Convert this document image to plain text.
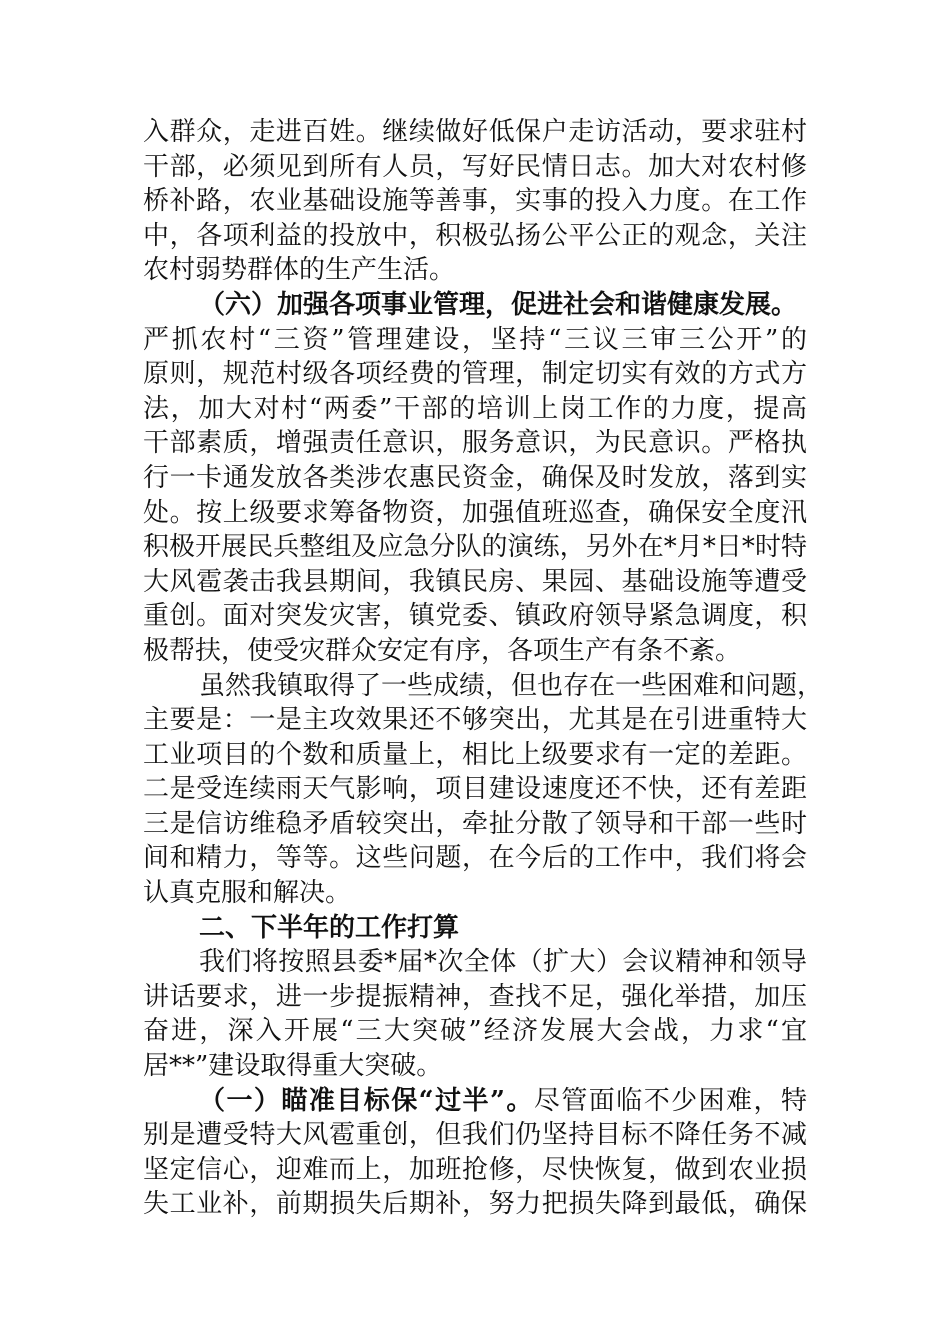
入群众，走进百姓。继续做好低保户走访活动，要求驻村
干部，必须见到所有人员，写好民情日志。加大对农村修
桥补路，农业基础设施等善事，实事的投入力度。在工作
中，各项利益的投放中，积极弘扬公平公正的观念，关注
农村弱势群体的生产生活。
（六）加强各项事业管理，促进社会和谐健康发展。
严抓农村“三资”管理建设，坚持“三议三审三公开”的
原则，规范村级各项经费的管理，制定切实有效的方式方
法，加大对村“两委”干部的培训上岗工作的力度，提高
干部素质，增强责任意识，服务意识，为民意识。严格执
行一卡通发放各类涉农惠民资金，确保及时发放，落到实
处。按上级要求筹备物资，加强值班巡查，确保安全度汛
积极开展民兵整组及应急分队的演练，另外在*月*日*时特
大风雹袭击我县期间，我镇民房、果园、基础设施等遭受
重创。面对突发灾害，镇党委、镇政府领导紧急调度，积
极帮扶，使受灾群众安定有序，各项生产有条不紊。
虽然我镇取得了一些成绩，但也存在一些困难和问题，
主要是：一是主攻效果还不够突出，尤其是在引进重特大
工业项目的个数和质量上，相比上级要求有一定的差距。
二是受连续雨天气影响，项目建设速度还不快，还有差距
三是信访维稳矛盾较突出，牵扯分散了领导和干部一些时
间和精力，等等。这些问题，在今后的工作中，我们将会
认真克服和解决。
二、下半年的工作打算
我们将按照县委*届*次全体（扩大）会议精神和领导
讲话要求，进一步提振精神，查找不足，强化举措，加压
奋进，深入开展“三大突破”经济发展大会战，力求“宜
居**”建设取得重大突破。
（一）瞄准目标保“过半”。尽管面临不少困难，特
别是遭受特大风雹重创，但我们仍坚持目标不降任务不减
坚定信心，迎难而上，加班抢修，尽快恢复，做到农业损
失工业补，前期损失后期补，努力把损失降到最低，确保
